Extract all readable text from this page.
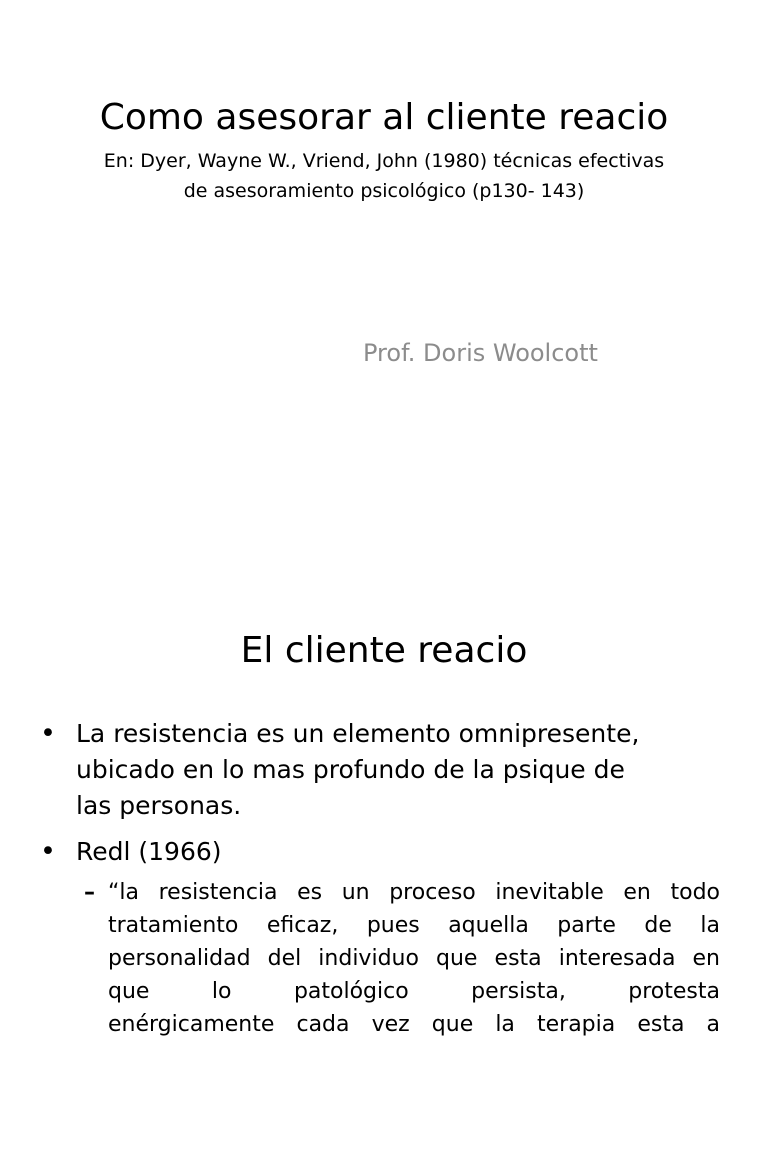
Como asesorar al cliente reacio
En: Dyer, Wayne W., Vriend, John (1980) técnicas efectivas
de asesoramiento psicológico (p130- 143)
Prof. Doris Woolcott
El cliente reacio
• La resistencia es un elemento omnipresente,
ubicado en lo mas profundo de la psique de
las personas.
• Redl (1966)
– “la resistencia es un proceso inevitable en todo
tratamiento eficaz, pues aquella parte de la
personalidad del individuo que esta interesada en
que lo patológico persista, protesta
enérgicamente cada vez que la terapia esta a
